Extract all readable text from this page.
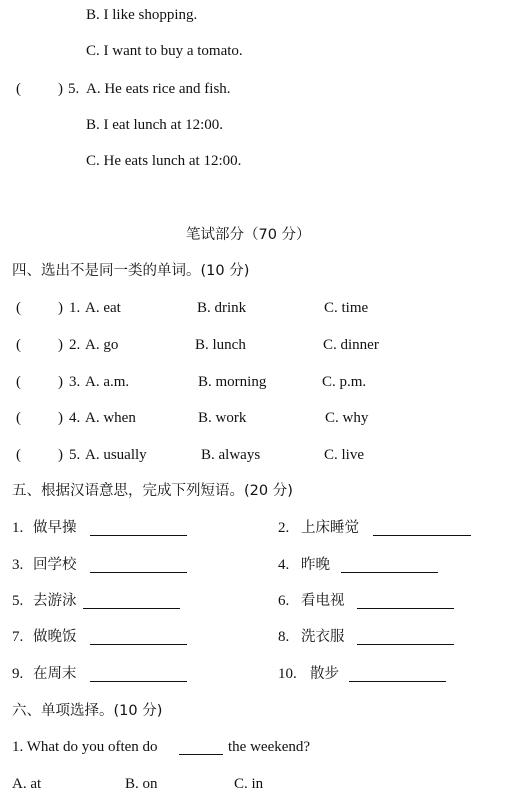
B. I like shopping.
C. I want to buy a tomato.
( ) 5. A. He eats rice and fish.
B. I eat lunch at 12:00.
C. He eats lunch at 12:00.
笔试部分（70 分）
四、选出不是同一类的单词。(10 分)
( ) 1. A. eat	B. drink	C. time
( ) 2. A. go	B. lunch	C. dinner
( ) 3. A. a.m.	B. morning	C. p.m.
( ) 4. A. when	B. work	C. why
( ) 5. A. usually	B. always	C. live
五、根据汉语意思，完成下列短语。(20 分)
1. 做早操	2. 上床睡觉
3. 回学校	4. 昨晚
5. 去游泳	6. 看电视
7. 做晚饭	8. 洗衣服
9. 在周末	10. 散步
六、单项选择。(10 分)
1. What do you often do	the weekend?
A. at	B. on	C. in
